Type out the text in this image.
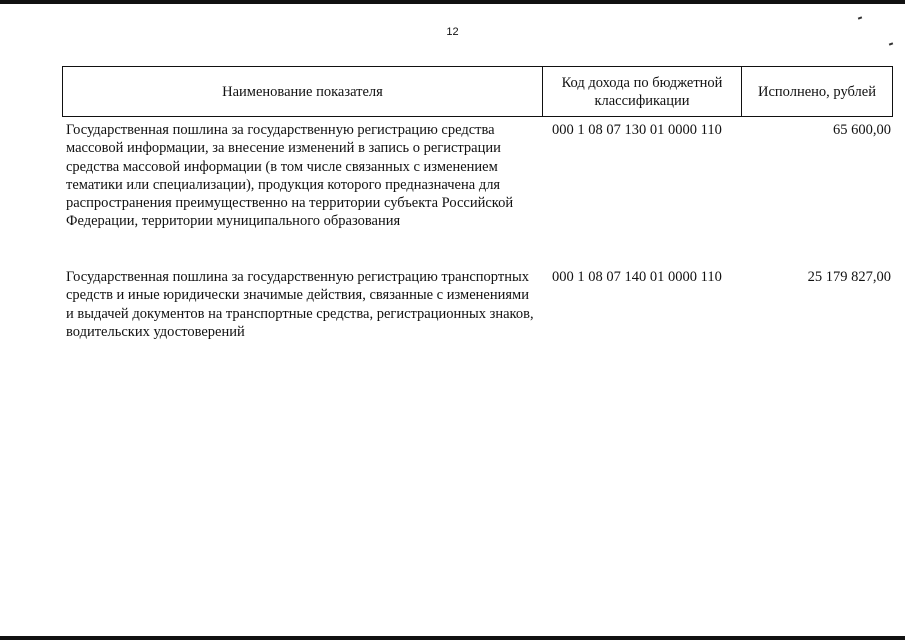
12
Наименование показателя
Код дохода по бюджетной классификации
Исполнено, рублей
Государственная пошлина за государственную регистрацию средства массовой информации, за внесение изменений в запись о регистрации средства массовой информации (в том числе связанных с изменением тематики или специализации), продукция которого предназначена для распространения преимущественно на территории субъекта Российской Федерации, территории муниципального образования
000 1 08 07 130 01 0000 110	65 600,00
Государственная пошлина за государственную регистрацию транспортных средств и иные юридически значимые действия, связанные с изменениями и выдачей документов на транспортные средства, регистрационных знаков, водительских удостоверений
000 1 08 07 140 01 0000 110	25 179 827,00
